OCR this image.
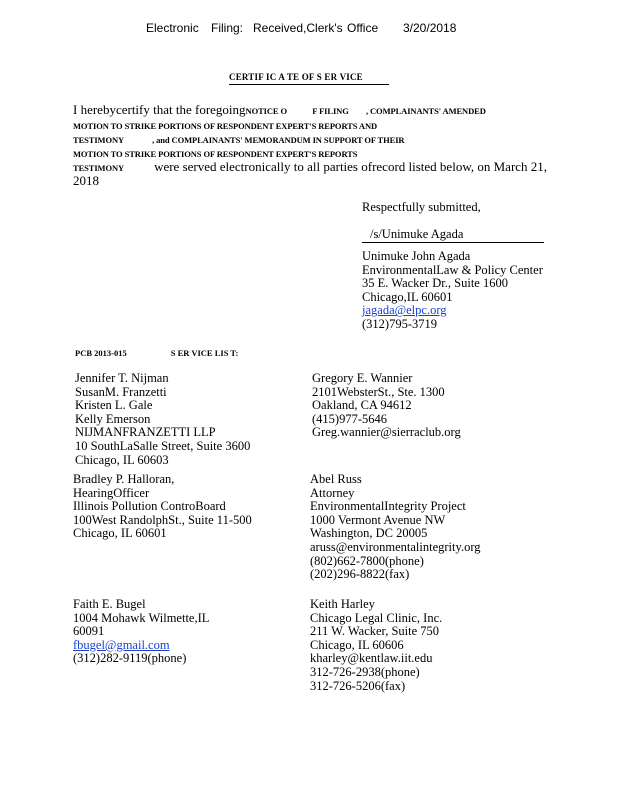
Electronic Filing: Received,Clerk's Office 3/20/2018
CERTIF IC A TE OF S ER VICE
I herebycertify that the foregoingNOTICE O	F FILING , COMPLAINANTS' AMENDED
MOTION TO STRIKE PORTIONS OF RESPONDENT EXPERT'S REPORTS AND
TESTIMONY	, and COMPLAINANTS' MEMORANDUM IN SUPPORT OF THEIR
MOTION TO STRIKE PORTIONS OF RESPONDENT EXPERT'S REPORTS
TESTIMONY were served electronically to all parties ofrecord listed below, on March 21,
2018
Respectfully submitted,
/s/Unimuke Agada
Unimuke John Agada
EnvironmentalLaw & Policy Center
35 E. Wacker Dr., Suite 1600
Chicago,IL 60601
jagada@elpc.org
(312)795-3719
PCB 2013-015	S ER VICE LIS T:
Jennifer T. Nijman
SusanM. Franzetti
Kristen L. Gale
Kelly Emerson
NIJMANFRANZETTI LLP
10 SouthLaSalle Street, Suite 3600
Chicago, IL 60603
Gregory E. Wannier
2101WebsterSt., Ste. 1300
Oakland, CA 94612
(415)977-5646
Greg.wannier@sierraclub.org
Bradley P. Halloran,
HearingOfficer
Illinois Pollution ControBoard
100West RandolphSt., Suite 11-500
Chicago, IL 60601
Abel Russ
Attorney
EnvironmentalIntegrity Project
1000 Vermont Avenue NW
Washington, DC 20005
aruss@environmentalintegrity.org
(802)662-7800(phone)
(202)296-8822(fax)
Faith E. Bugel
1004 Mohawk Wilmette,IL
60091
fbugel@gmail.com
(312)282-9119(phone)
Keith Harley
Chicago Legal Clinic, Inc.
211 W. Wacker, Suite 750
Chicago, IL 60606
kharley@kentlaw.iit.edu
312-726-2938(phone)
312-726-5206(fax)
